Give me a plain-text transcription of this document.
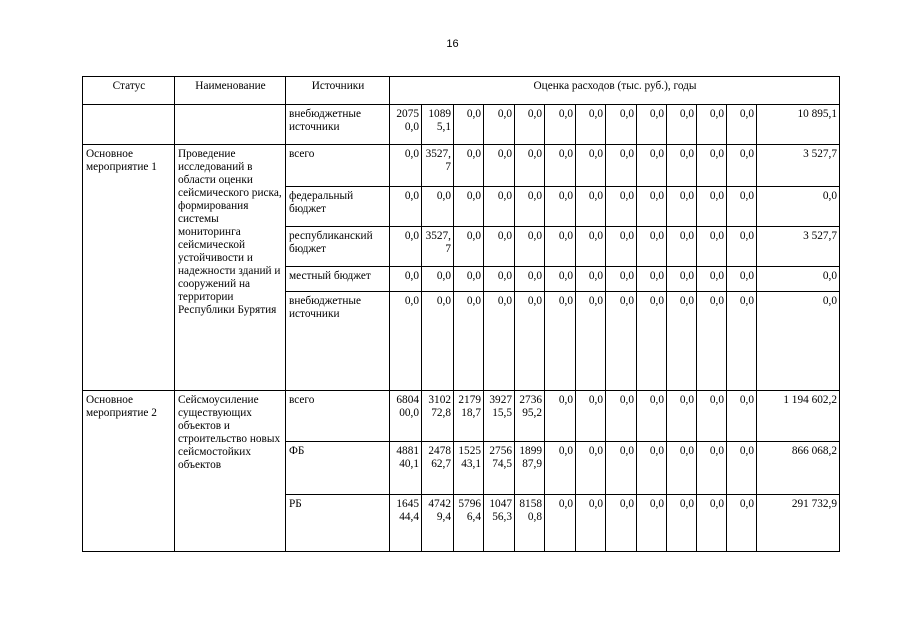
16
Статус	Наименование	Источники	Оценка расходов (тыс. руб.), годы												
		внебюджетные источники	20750,0	10895,1	0,0	0,0	0,0	0,0	0,0	0,0	0,0	0,0	0,0	0,0	10 895,1
Основное мероприятие 1	Проведение исследований в области оценки сейсмического риска, формирования системы мониторинга сейсмической устойчивости и надежности зданий и сооружений на территории Республики Бурятия	всего	0,0	3527,7	0,0	0,0	0,0	0,0	0,0	0,0	0,0	0,0	0,0	0,0	3 527,7
		федеральный бюджет	0,0	0,0	0,0	0,0	0,0	0,0	0,0	0,0	0,0	0,0	0,0	0,0	0,0
		республиканский бюджет	0,0	3527,7	0,0	0,0	0,0	0,0	0,0	0,0	0,0	0,0	0,0	0,0	3 527,7
		местный бюджет	0,0	0,0	0,0	0,0	0,0	0,0	0,0	0,0	0,0	0,0	0,0	0,0	0,0
		внебюджетные источники	0,0	0,0	0,0	0,0	0,0	0,0	0,0	0,0	0,0	0,0	0,0	0,0	0,0
Основное мероприятие 2	Сейсмоусиление существующих объектов и строительство новых сейсмостойких объектов	всего	680400,0	310272,8	217918,7	392715,5	273695,2	0,0	0,0	0,0	0,0	0,0	0,0	0,0	1 194 602,2
		ФБ	488140,1	247862,7	152543,1	275674,5	189987,9	0,0	0,0	0,0	0,0	0,0	0,0	0,0	866 068,2
		РБ	164544,4	47429,4	57966,4	104756,3	81580,8	0,0	0,0	0,0	0,0	0,0	0,0	0,0	291 732,9
